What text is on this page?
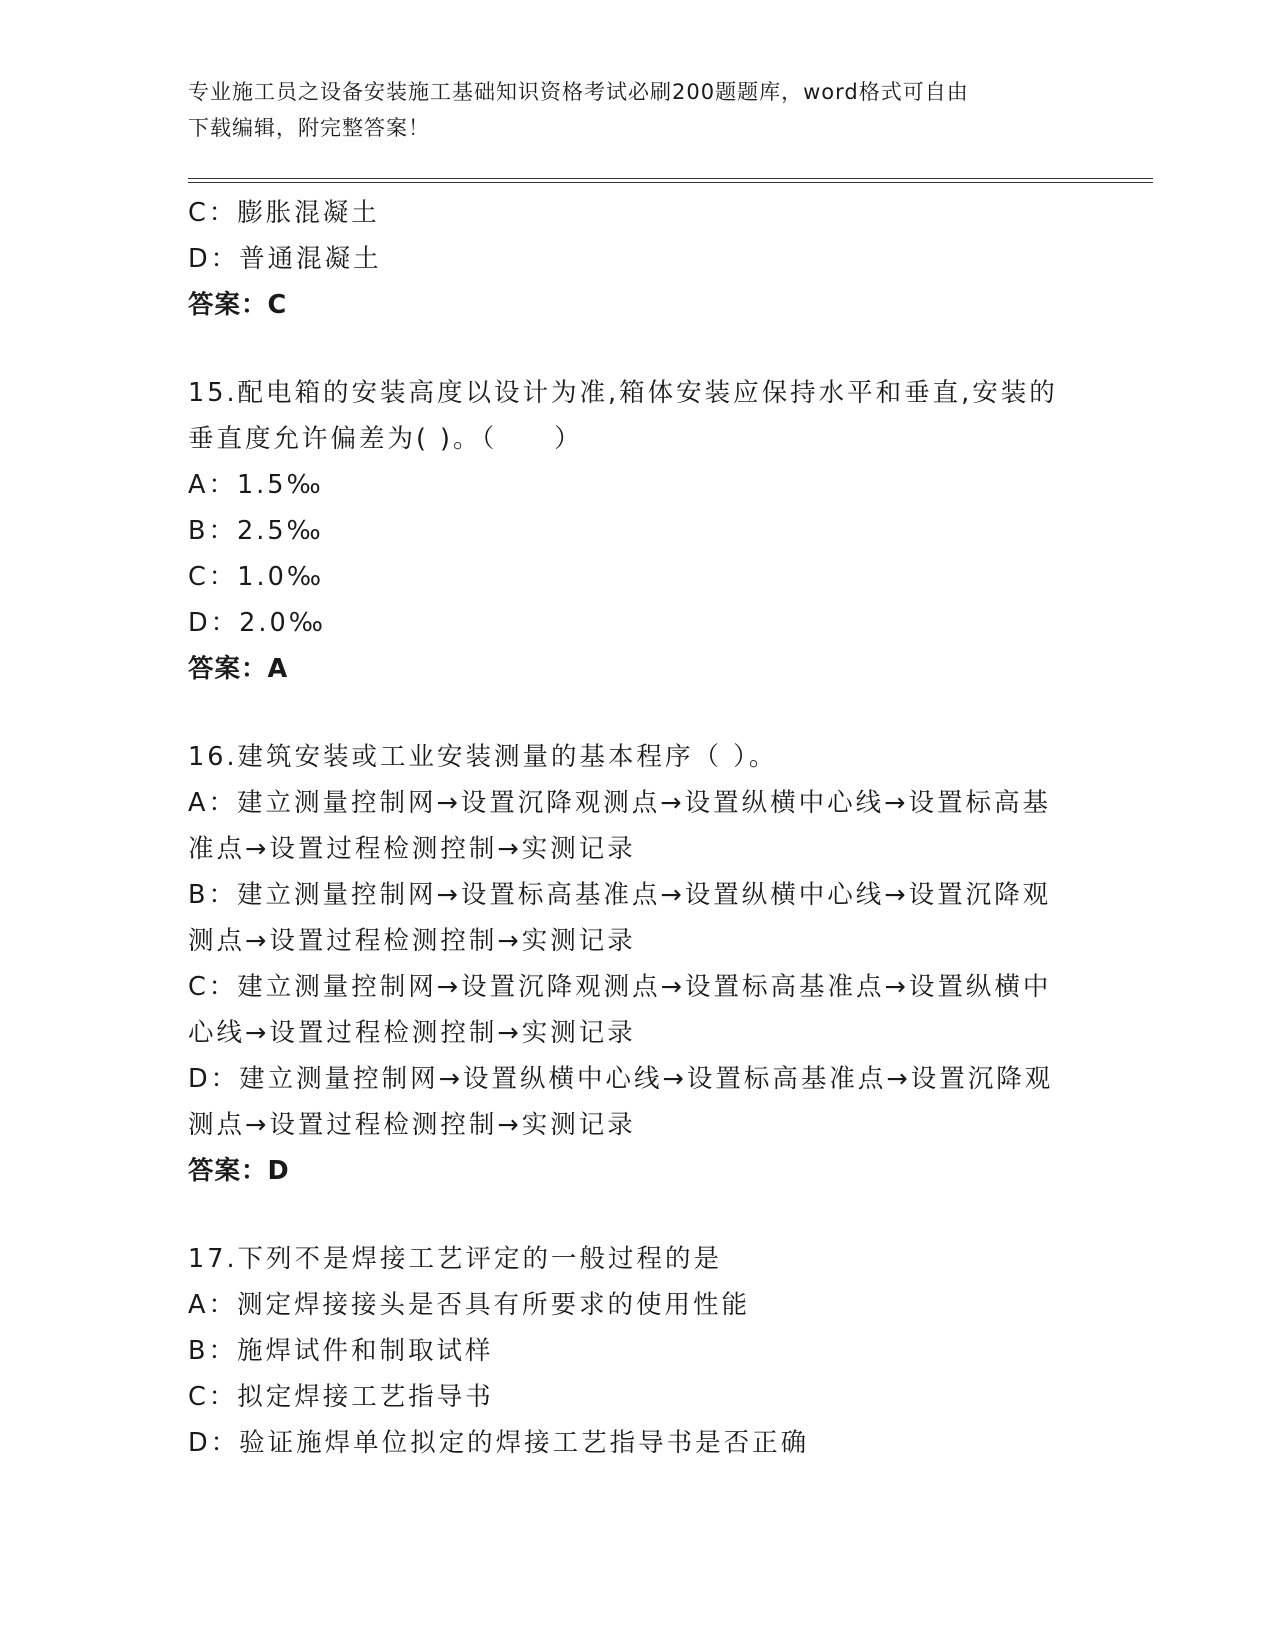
专业施工员之设备安装施工基础知识资格考试必刷200题题库，word格式可自由
下载编辑，附完整答案！
C：膨胀混凝土
D：普通混凝土
答案：C
15.配电箱的安装高度以设计为准,箱体安装应保持水平和垂直,安装的
垂直度允许偏差为( )。（　　）
A：1.5‰
B：2.5‰
C：1.0‰
D：2.0‰
答案：A
16.建筑安装或工业安装测量的基本程序（ ）。
A：建立测量控制网→设置沉降观测点→设置纵横中心线→设置标高基
准点→设置过程检测控制→实测记录
B：建立测量控制网→设置标高基准点→设置纵横中心线→设置沉降观
测点→设置过程检测控制→实测记录
C：建立测量控制网→设置沉降观测点→设置标高基准点→设置纵横中
心线→设置过程检测控制→实测记录
D：建立测量控制网→设置纵横中心线→设置标高基准点→设置沉降观
测点→设置过程检测控制→实测记录
答案：D
17.下列不是焊接工艺评定的一般过程的是
A：测定焊接接头是否具有所要求的使用性能
B：施焊试件和制取试样
C：拟定焊接工艺指导书
D：验证施焊单位拟定的焊接工艺指导书是否正确
